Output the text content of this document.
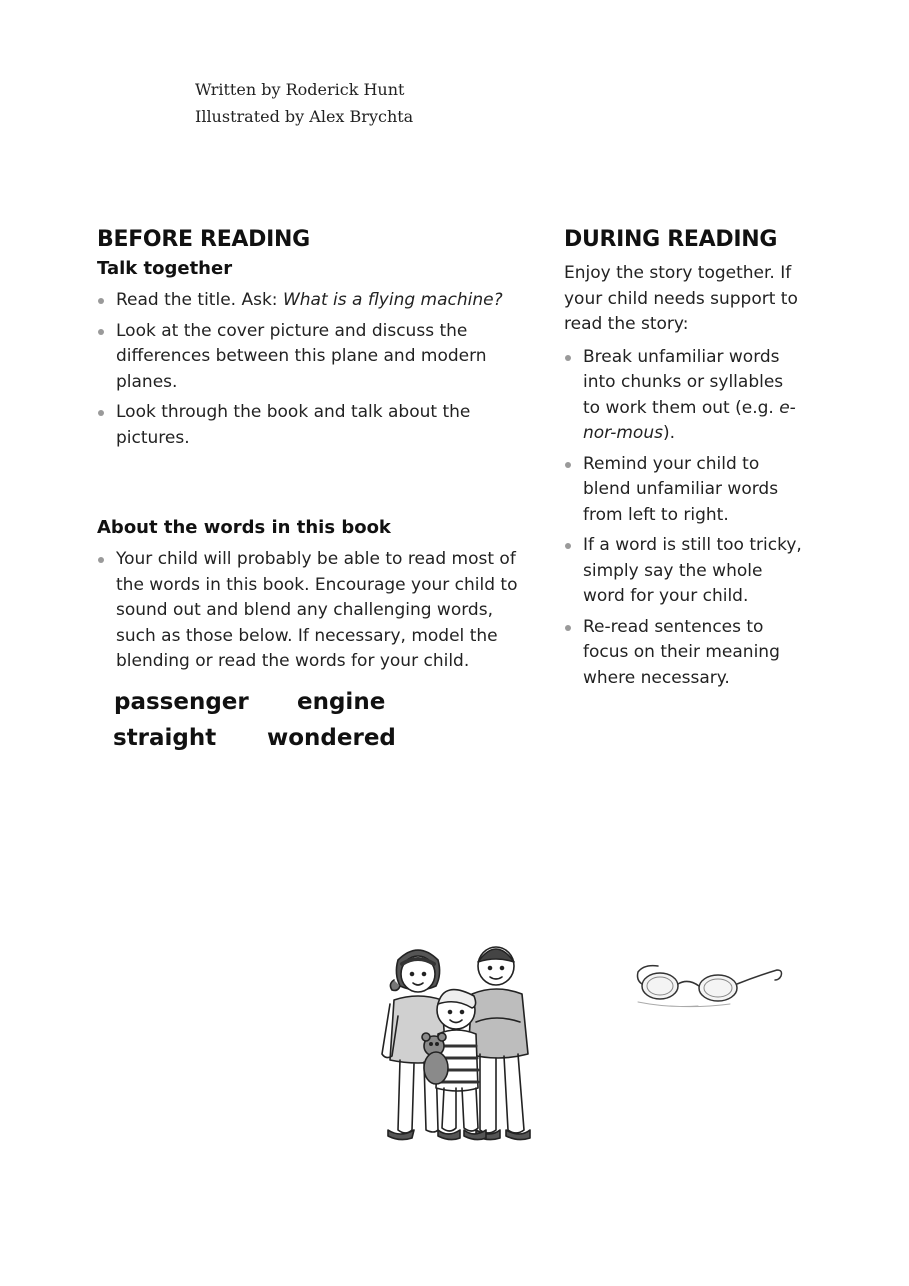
Written by Roderick Hunt
Illustrated by Alex Brychta
BEFORE READING
Talk together
Read the title. Ask: What is a flying machine?
Look at the cover picture and discuss the differences between this plane and modern planes.
Look through the book and talk about the pictures.
About the words in this book
Your child will probably be able to read most of the words in this book. Encourage your child to sound out and blend any challenging words, such as those below. If necessary, model the blending or read the words for your child.
passenger engine
straight wondered
DURING READING
Enjoy the story together. If your child needs support to read the story:
Break unfamiliar words into chunks or syllables to work them out (e.g. e-nor-mous).
Remind your child to blend unfamiliar words from left to right.
If a word is still too tricky, simply say the whole word for your child.
Re-read sentences to focus on their meaning where necessary.
